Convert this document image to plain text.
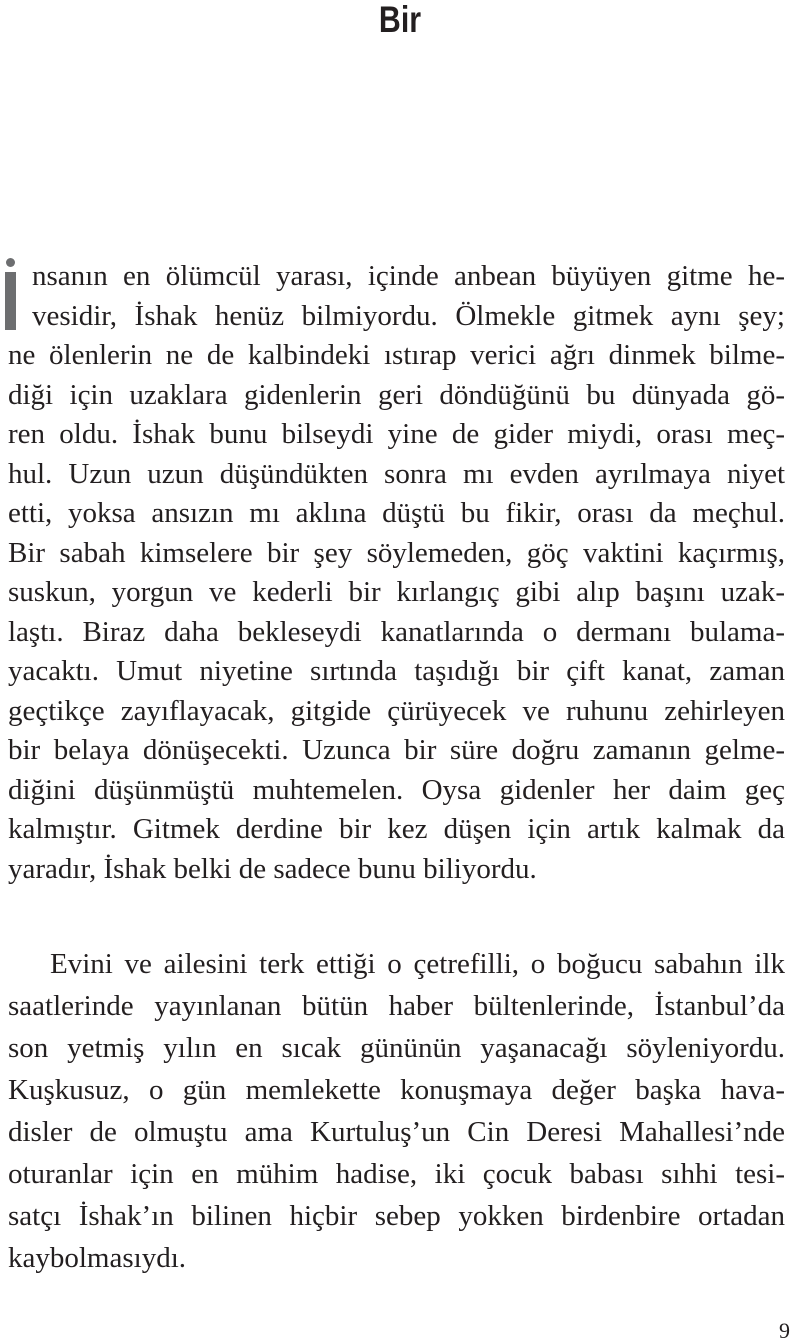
Bir
nsanın en ölümcül yarası, içinde anbean büyüyen gitme he-
vesidir, İshak henüz bilmiyordu. Ölmekle gitmek aynı şey;
ne ölenlerin ne de kalbindeki ıstırap verici ağrı dinmek bilme-
diği için uzaklara gidenlerin geri döndüğünü bu dünyada gö-
ren oldu. İshak bunu bilseydi yine de gider miydi, orası meç-
hul. Uzun uzun düşündükten sonra mı evden ayrılmaya niyet
etti, yoksa ansızın mı aklına düştü bu fikir, orası da meçhul.
Bir sabah kimselere bir şey söylemeden, göç vaktini kaçırmış,
suskun, yorgun ve kederli bir kırlangıç gibi alıp başını uzak-
laştı. Biraz daha bekleseydi kanatlarında o dermanı bulama-
yacaktı. Umut niyetine sırtında taşıdığı bir çift kanat, zaman
geçtikçe zayıflayacak, gitgide çürüyecek ve ruhunu zehirleyen
bir belaya dönüşecekti. Uzunca bir süre doğru zamanın gelme-
diğini düşünmüştü muhtemelen. Oysa gidenler her daim geç
kalmıştır. Gitmek derdine bir kez düşen için artık kalmak da
yaradır, İshak belki de sadece bunu biliyordu.
Evini ve ailesini terk ettiği o çetrefilli, o boğucu sabahın ilk
saatlerinde yayınlanan bütün haber bültenlerinde, İstanbul’da
son yetmiş yılın en sıcak gününün yaşanacağı söyleniyordu.
Kuşkusuz, o gün memlekette konuşmaya değer başka hava-
disler de olmuştu ama Kurtuluş’un Cin Deresi Mahallesi’nde
oturanlar için en mühim hadise, iki çocuk babası sıhhi tesi-
satçı İshak’ın bilinen hiçbir sebep yokken birdenbire ortadan
kaybolmasıydı.
9
